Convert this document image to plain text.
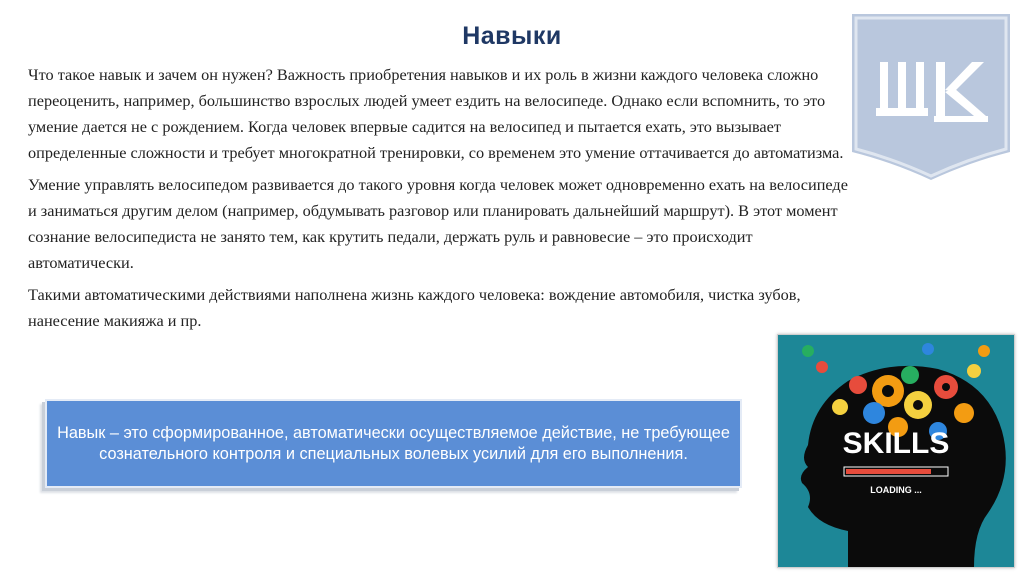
Навыки

Что такое навык и зачем он нужен? Важность приобретения навыков и их роль в жизни каждого человека сложно переоценить, например, большинство взрослых людей умеет ездить на велосипеде. Однако если вспомнить, то это умение дается не с рождением. Когда человек впервые садится на велосипед и пытается ехать, это вызывает определенные сложности и требует многократной тренировки, со временем это умение оттачивается до автоматизма.

Умение управлять велосипедом развивается до такого уровня когда человек может одновременно ехать на велосипеде и заниматься другим делом (например, обдумывать разговор или планировать дальнейший маршрут). В этот момент сознание велосипедиста не занято тем, как крутить педали, держать руль и равновесие – это происходит автоматически.

Такими автоматическими действиями наполнена жизнь каждого человека: вождение автомобиля, чистка зубов, нанесение макияжа и пр.

Навык – это сформированное, автоматически осуществляемое действие, не требующее сознательного контроля и специальных волевых усилий для его выполнения.	SKILLS
LOADING ...
